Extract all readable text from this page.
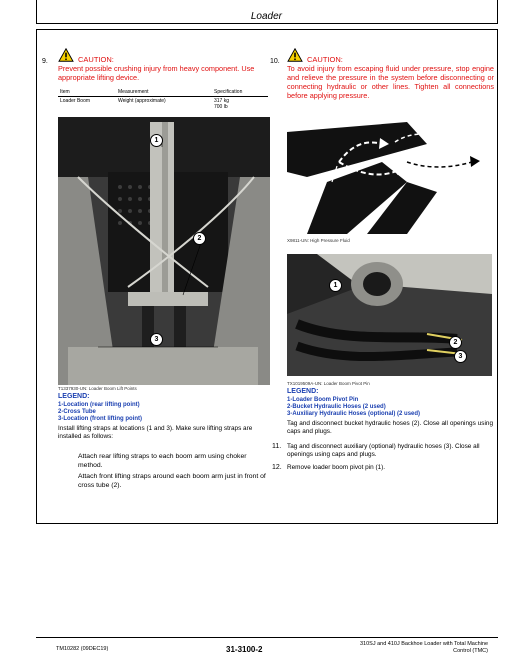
Loader
9.	CAUTION:
Prevent possible crushing injury from heavy component. Use appropriate lifting device.
Item	Measurement	Specification
Loader Boom	Weight (approximate)	317 kg
700 lb
1
2
3
T1337930-UN: Loader Boom Lift Points
LEGEND:
1-Location (rear lifting point)
2-Cross Tube
3-Location (front lifting point)
Install lifting straps at locations (1 and 3). Make sure lifting straps are installed as follows:
Attach rear lifting straps to each boom arm using choker method.
Attach front lifting straps around each boom arm just in front of cross tube (2).
10.	CAUTION:
To avoid injury from escaping fluid under pressure, stop engine and relieve the pressure in the system before disconnecting or connecting hydraulic or other lines. Tighten all connections before applying pressure.
X9811-UN: High Pressure Fluid
1
2
3
TX1019509A-UN: Loader Boom Pivot Pin
LEGEND:
1-Loader Boom Pivot Pin
2-Bucket Hydraulic Hoses (2 used)
3-Auxiliary Hydraulic Hoses (optional) (2 used)
Tag and disconnect bucket hydraulic hoses (2). Close all openings using caps and plugs.
11. Tag and disconnect auxiliary (optional) hydraulic hoses (3). Close all openings using caps and plugs.
12. Remove loader boom pivot pin (1).
TM10282 (09DEC19)	31-3100-2
310SJ and 410J Backhoe Loader with Total Machine
Control (TMC)
